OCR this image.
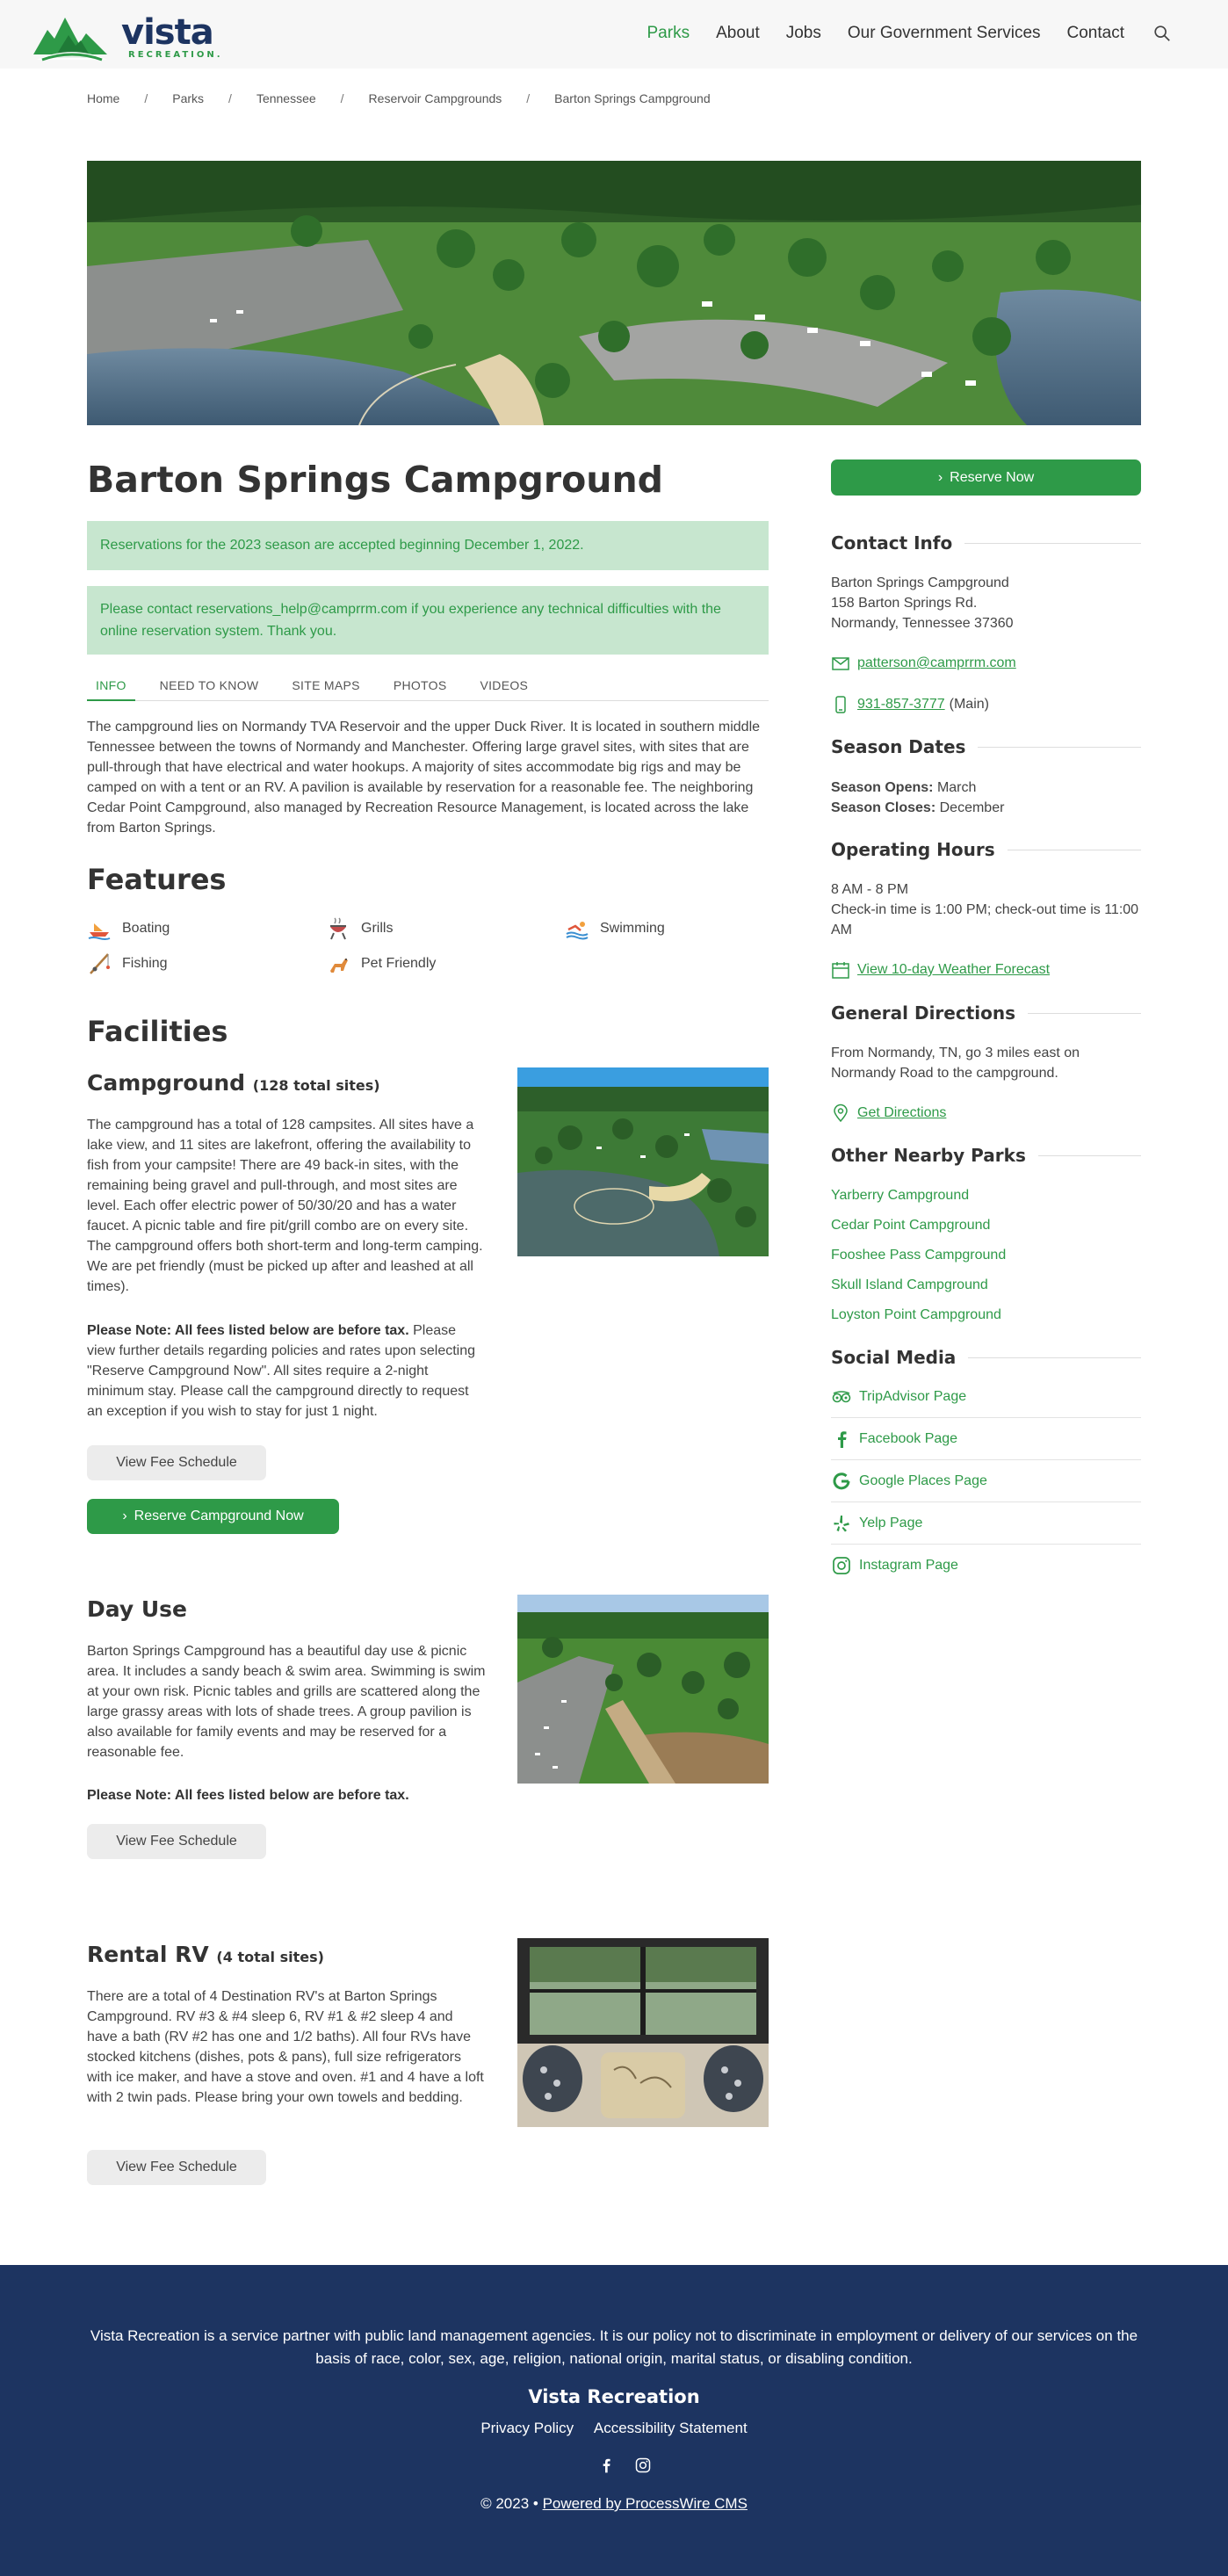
vista
RECREATION.
Parks About Jobs Our Government Services Contact
Home / Parks / Tennessee / Reservoir Campgrounds / Barton Springs Campground
Barton Springs Campground
Reservations for the 2023 season are accepted beginning December 1, 2022.
Please contact reservations_help@camprrm.com if you experience any technical difficulties with the online reservation system. Thank you.
INFO	NEED TO KNOW	SITE MAPS	PHOTOS	VIDEOS

The campground lies on Normandy TVA Reservoir and the upper Duck River. It is located in southern middle Tennessee between the towns of Normandy and Manchester. Offering large gravel sites, with sites that are pull-through that have electrical and water hookups. A majority of sites accommodate big rigs and may be camped on with a tent or an RV. A pavilion is available by reservation for a reasonable fee. The neighboring Cedar Point Campground, also managed by Recreation Resource Management, is located across the lake from Barton Springs.

Features
Boating	Grills	Swimming
Fishing	Pet Friendly
Facilities
Campground (128 total sites)

The campground has a total of 128 campsites. All sites have a lake view, and 11 sites are lakefront, offering the availability to fish from your campsite! There are 49 back-in sites, with the remaining being gravel and pull-through, and most sites are level. Each offer electric power of 50/30/20 and has a water faucet. A picnic table and fire pit/grill combo are on every site. The campground offers both short-term and long-term camping. We are pet friendly (must be picked up after and leashed at all times).

Please Note: All fees listed below are before tax. Please view further details regarding policies and rates upon selecting "Reserve Campground Now". All sites require a 2-night minimum stay. Please call the campground directly to request an exception if you wish to stay for just 1 night.

View Fee Schedule
› Reserve Campground Now
Day Use

Barton Springs Campground has a beautiful day use & picnic area. It includes a sandy beach & swim area. Swimming is swim at your own risk. Picnic tables and grills are scattered along the large grassy areas with lots of shade trees. A group pavilion is also available for family events and may be reserved for a reasonable fee.

Please Note: All fees listed below are before tax.

View Fee Schedule
Rental RV (4 total sites)

There are a total of 4 Destination RV's at Barton Springs Campground. RV #3 & #4 sleep 6, RV #1 & #2 sleep 4 and have a bath (RV #2 has one and 1/2 baths). All four RVs have stocked kitchens (dishes, pots & pans), full size refrigerators with ice maker, and have a stove and oven. #1 and 4 have a loft with 2 twin pads. Please bring your own towels and bedding.

View Fee Schedule
› Reserve Now
Contact Info
Barton Springs Campground
158 Barton Springs Rd.
Normandy, Tennessee 37360
patterson@camprrm.com
931-857-3777 (Main)
Season Dates
Season Opens: March
Season Closes: December
Operating Hours
8 AM - 8 PM
Check-in time is 1:00 PM; check-out time is 11:00 AM
View 10-day Weather Forecast
General Directions
From Normandy, TN, go 3 miles east on Normandy Road to the campground.
Get Directions
Other Nearby Parks
Yarberry Campground
Cedar Point Campground
Fooshee Pass Campground
Skull Island Campground
Loyston Point Campground
Social Media
TripAdvisor Page
Facebook Page
Google Places Page
Yelp Page
Instagram Page

Vista Recreation is a service partner with public land management agencies. It is our policy not to discriminate in employment or delivery of our services on the basis of race, color, sex, age, religion, national origin, marital status, or disabling condition.

Vista Recreation
Privacy Policy Accessibility Statement
© 2023 • Powered by ProcessWire CMS
